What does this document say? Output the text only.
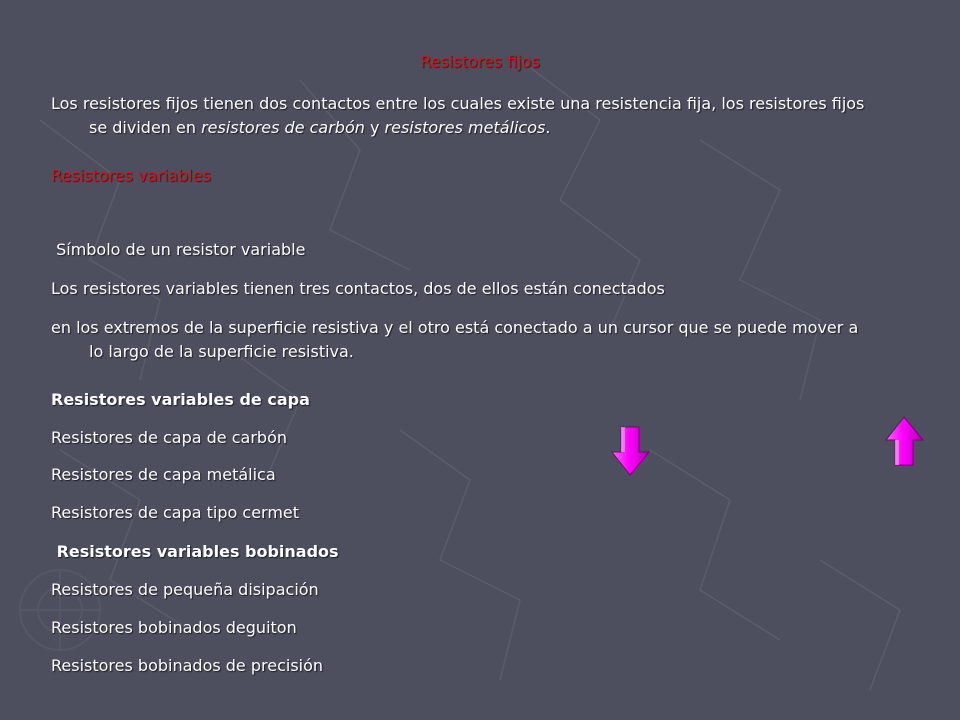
Resistores fijos
Los resistores fijos tienen dos contactos entre los cuales existe una resistencia fija, los resistores fijos
se dividen en resistores de carbón y resistores metálicos.
Resistores variables
Símbolo de un resistor variable
Los resistores variables tienen tres contactos, dos de ellos están conectados
en los extremos de la superficie resistiva y el otro está conectado a un cursor que se puede mover a
lo largo de la superficie resistiva.
Resistores variables de capa
Resistores de capa de carbón
Resistores de capa metálica
Resistores de capa tipo cermet
Resistores variables bobinados
Resistores de pequeña disipación
Resistores bobinados deguiton
Resistores bobinados de precisión
